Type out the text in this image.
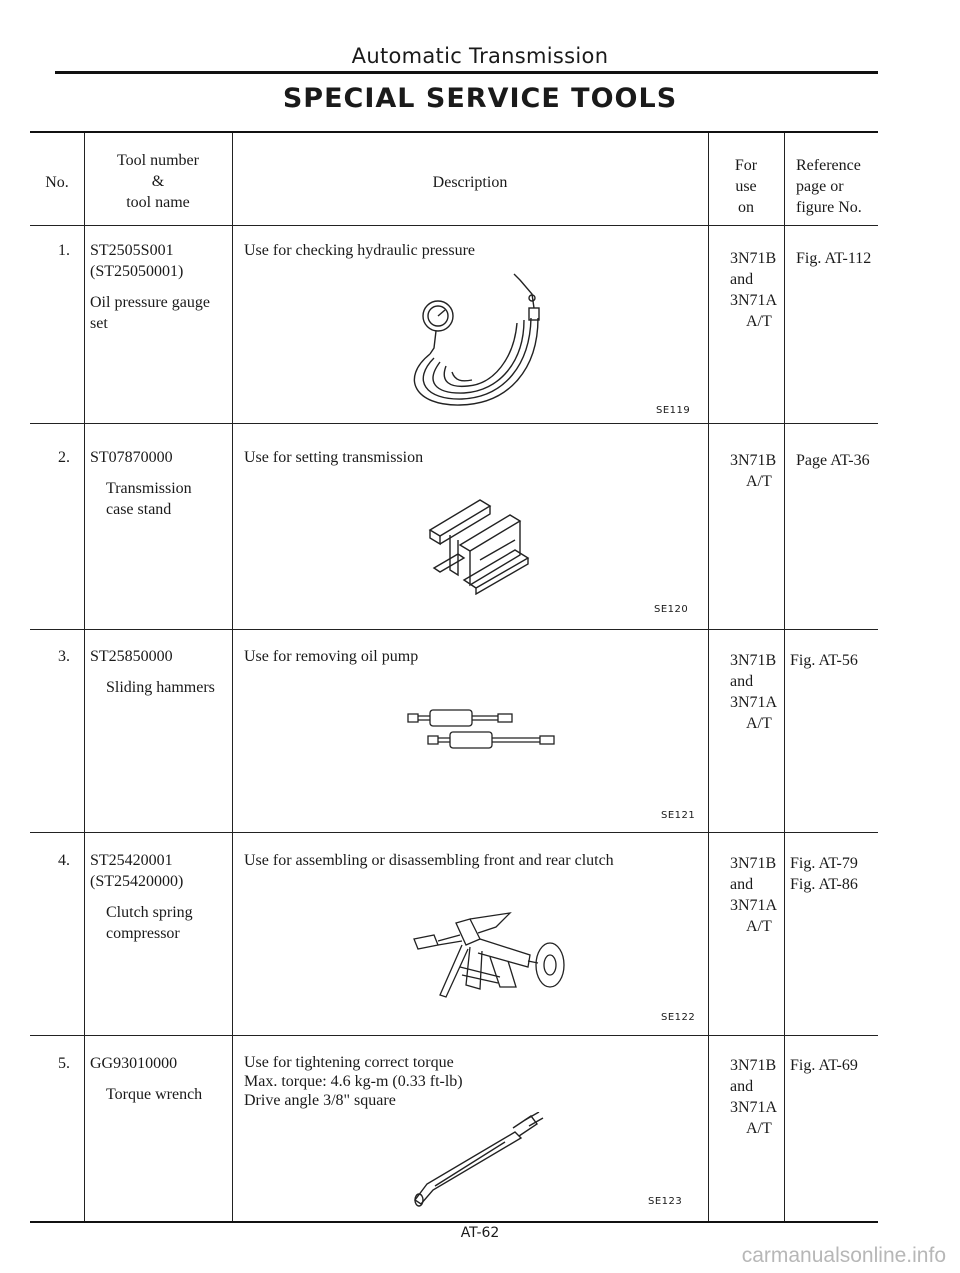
Automatic Transmission
SPECIAL SERVICE TOOLS
No.
Tool number
&
tool name
Description
For
use
on
Reference
page or
figure No.
1. ST2505S001
(ST25050001)
Oil pressure gauge
set
Use for checking hydraulic pressure
SE119
3N71B
and
3N71A
A/T
Fig. AT-112
2. ST07870000
Transmission
case stand
Use for setting transmission
SE120
3N71B
A/T
Page AT-36
3. ST25850000
Sliding hammers
Use for removing oil pump
SE121
3N71B
and
3N71A
A/T
Fig. AT-56
4. ST25420001
(ST25420000)
Clutch spring
compressor
Use for assembling or disassembling front and rear clutch
SE122
3N71B
and
3N71A
A/T
Fig. AT-79
Fig. AT-86
5. GG93010000
Torque wrench
Use for tightening correct torque
Max. torque: 4.6 kg-m (0.33 ft-lb)
Drive angle 3/8" square
SE123
3N71B
and
3N71A
A/T
Fig. AT-69
AT-62
carmanualsonline.info
